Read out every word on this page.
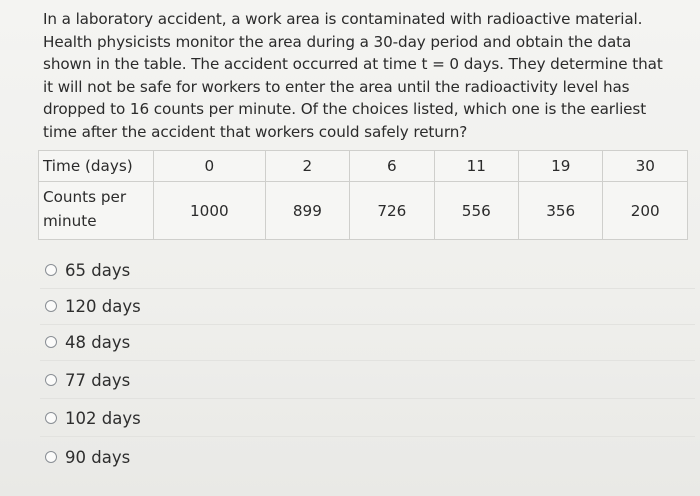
In a laboratory accident, a work area is contaminated with radioactive material.
Health physicists monitor the area during a 30-day period and obtain the data
shown in the table. The accident occurred at time t = 0 days. They determine that
it will not be safe for workers to enter the area until the radioactivity level has
dropped to 16 counts per minute. Of the choices listed, which one is the earliest
time after the accident that workers could safely return?
Time (days)	0	2	6	11	19	30

Counts per
minute	1000	899	726	556	356	200
65 days
120 days
48 days
77 days
102 days
90 days
